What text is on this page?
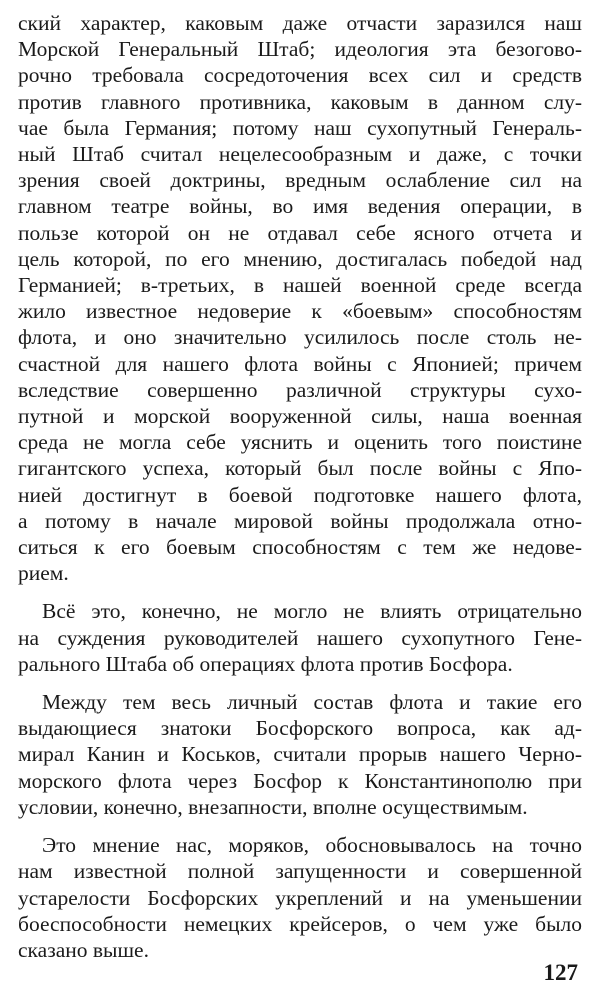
ский характер, каковым даже отчасти заразился наш
Морской Генеральный Штаб; идеология эта безогово-
рочно требовала сосредоточения всех сил и средств
против главного противника, каковым в данном слу-
чае была Германия; потому наш сухопутный Генераль-
ный Штаб считал нецелесообразным и даже, с точки
зрения своей доктрины, вредным ослабление сил на
главном театре войны, во имя ведения операции, в
пользе которой он не отдавал себе ясного отчета и
цель которой, по его мнению, достигалась победой над
Германией; в-третьих, в нашей военной среде всегда
жило известное недоверие к «боевым» способностям
флота, и оно значительно усилилось после столь не-
счастной для нашего флота войны с Японией; причем
вследствие совершенно различной структуры сухо-
путной и морской вооруженной силы, наша военная
среда не могла себе уяснить и оценить того поистине
гигантского успеха, который был после войны с Япо-
нией достигнут в боевой подготовке нашего флота,
а потому в начале мировой войны продолжала отно-
ситься к его боевым способностям с тем же недове-
рием.
Всё это, конечно, не могло не влиять отрицательно
на суждения руководителей нашего сухопутного Гене-
рального Штаба об операциях флота против Босфора.
Между тем весь личный состав флота и такие его
выдающиеся знатоки Босфорского вопроса, как ад-
мирал Канин и Коськов, считали прорыв нашего Черно-
морского флота через Босфор к Константинополю при
условии, конечно, внезапности, вполне осуществимым.
Это мнение нас, моряков, обосновывалось на точно
нам известной полной запущенности и совершенной
устарелости Босфорских укреплений и на уменьшении
боеспособности немецких крейсеров, о чем уже было
сказано выше.
127
